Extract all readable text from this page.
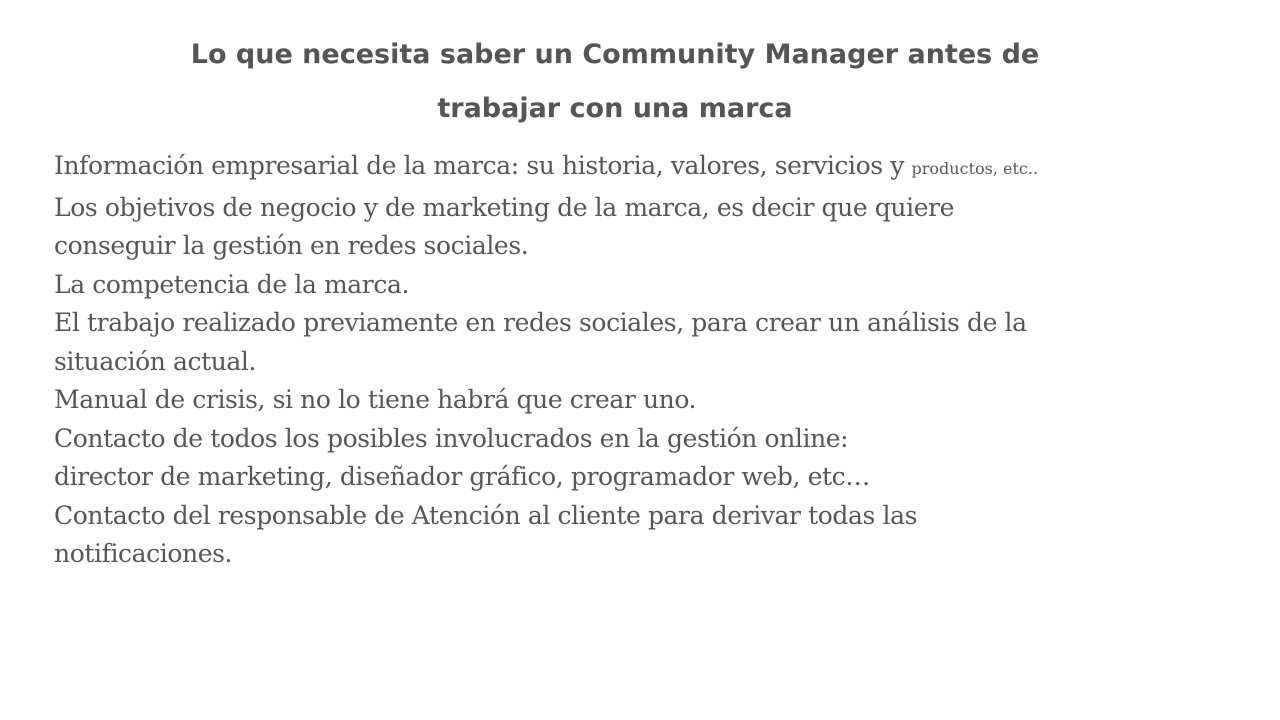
Lo que necesita saber un Community Manager antes de
trabajar con una marca
Información empresarial de la marca: su historia, valores, servicios y productos, etc..
Los objetivos de negocio y de marketing de la marca, es decir que quiere
conseguir la gestión en redes sociales.
La competencia de la marca.
El trabajo realizado previamente en redes sociales, para crear un análisis de la
situación actual.
Manual de crisis, si no lo tiene habrá que crear uno.
Contacto de todos los posibles involucrados en la gestión online:
director de marketing, diseñador gráfico, programador web, etc…
Contacto del responsable de Atención al cliente para derivar todas las
notificaciones.
